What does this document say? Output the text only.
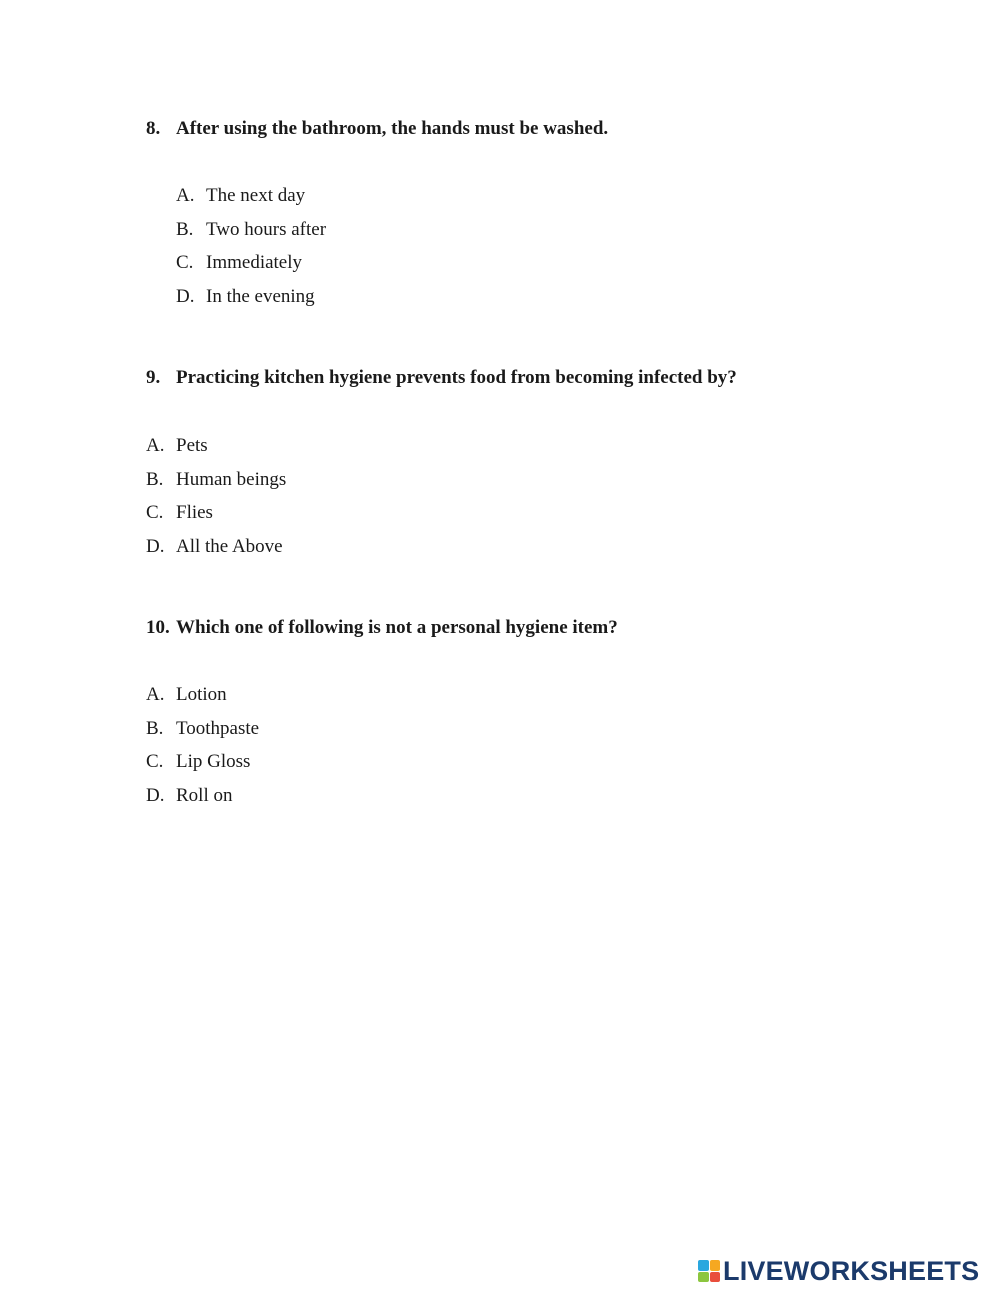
8. After using the bathroom, the hands must be washed.
A. The next day
B. Two hours after
C. Immediately
D. In the evening
9. Practicing kitchen hygiene prevents food from becoming infected by?
A. Pets
B. Human beings
C. Flies
D. All the Above
10. Which one of following is not a personal hygiene item?
A. Lotion
B. Toothpaste
C. Lip Gloss
D. Roll on
LIVEWORKSHEETS
